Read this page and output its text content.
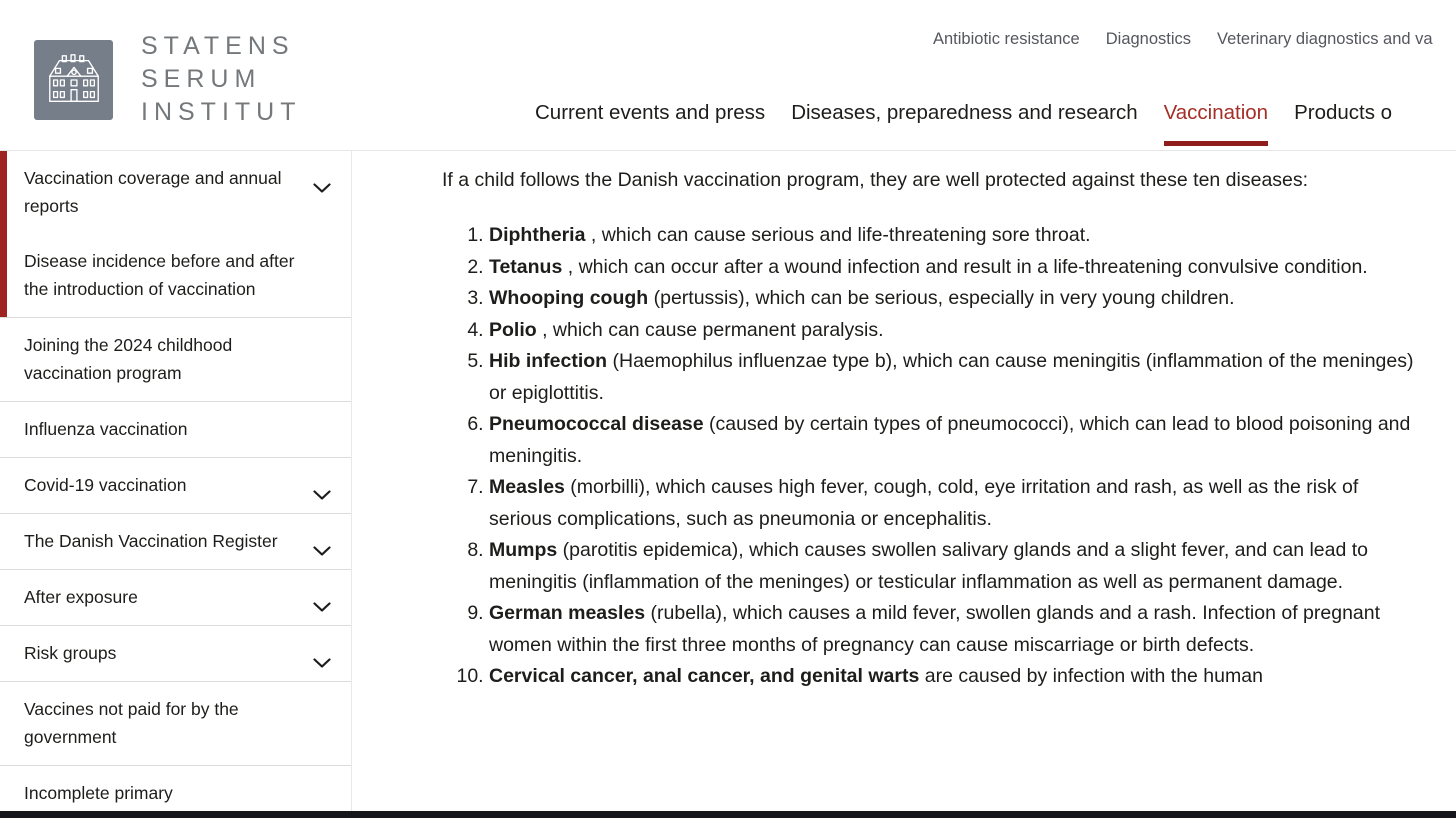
STATENS
SERUM
INSTITUT
Antibiotic resistance Diagnostics Veterinary diagnostics and va
Current events and press Diseases, preparedness and research Vaccination Products o
Vaccination coverage and annual reports
Disease incidence before and after the introduction of vaccination
Joining the 2024 childhood vaccination program
Influenza vaccination
Covid-19 vaccination
The Danish Vaccination Register
After exposure
Risk groups
Vaccines not paid for by the government
Incomplete primary

If a child follows the Danish vaccination program, they are well protected against these ten diseases:

1. Diphtheria , which can cause serious and life-threatening sore throat.
2. Tetanus , which can occur after a wound infection and result in a life-threatening convulsive condition.
3. Whooping cough (pertussis), which can be serious, especially in very young children.
4. Polio , which can cause permanent paralysis.
5. Hib infection (Haemophilus influenzae type b), which can cause meningitis (inflammation of the meninges) or epiglottitis.
6. Pneumococcal disease (caused by certain types of pneumococci), which can lead to blood poisoning and meningitis.
7. Measles (morbilli), which causes high fever, cough, cold, eye irritation and rash, as well as the risk of serious complications, such as pneumonia or encephalitis.
8. Mumps (parotitis epidemica), which causes swollen salivary glands and a slight fever, and can lead to meningitis (inflammation of the meninges) or testicular inflammation as well as permanent damage.
9. German measles (rubella), which causes a mild fever, swollen glands and a rash. Infection of pregnant women within the first three months of pregnancy can cause miscarriage or birth defects.
10. Cervical cancer, anal cancer, and genital warts are caused by infection with the human
